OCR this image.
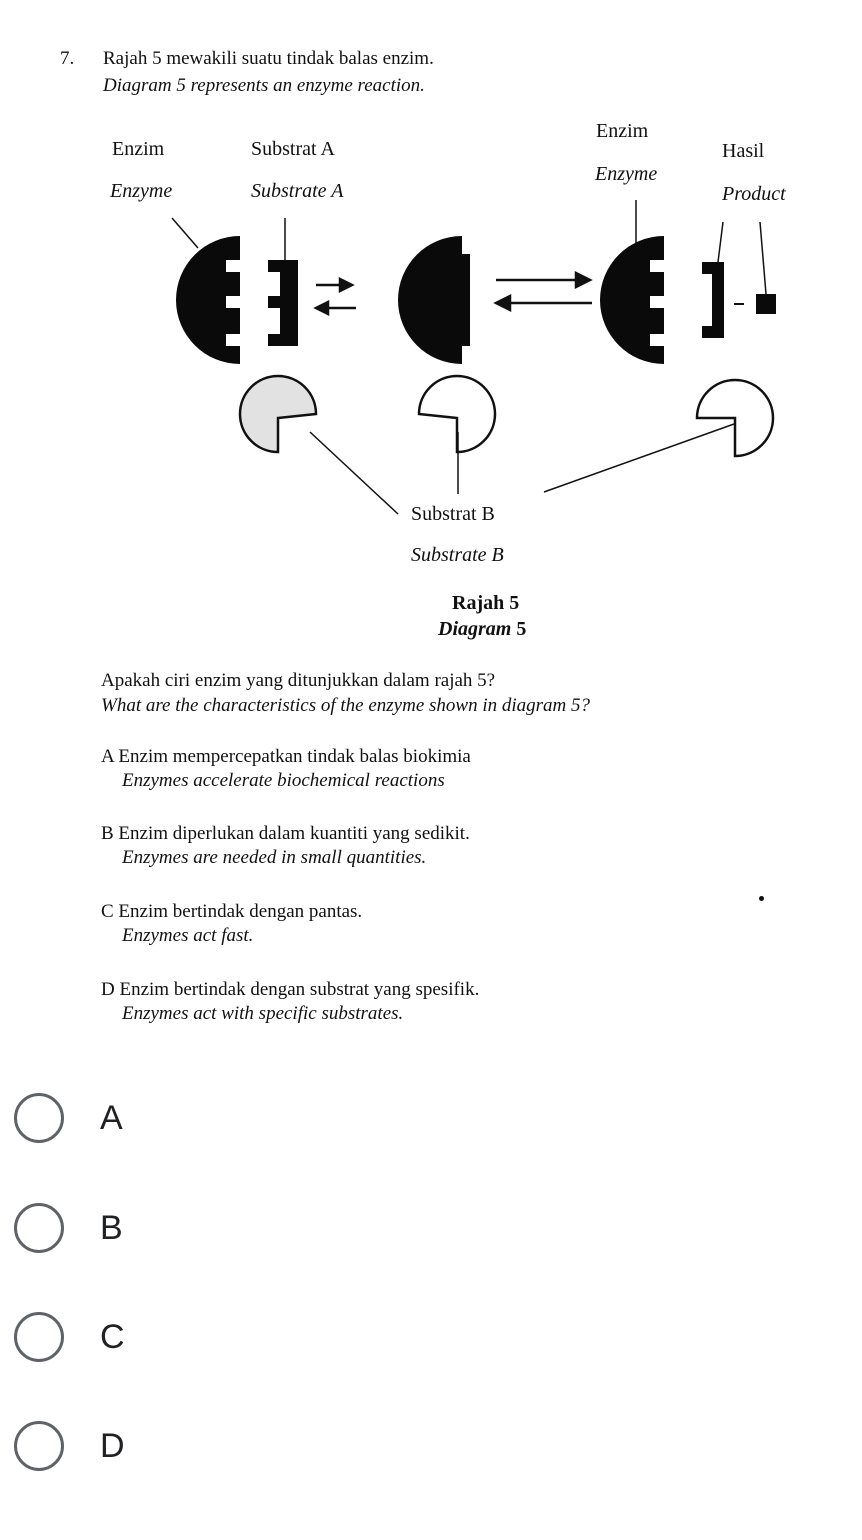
7. Rajah 5 mewakili suatu tindak balas enzim.
Diagram 5 represents an enzyme reaction.
Enzim
Enzyme
Substrat A
Substrate A
Enzim
Enzyme
Hasil
Product
Substrat B
Substrate B
Rajah 5
Diagram 5
Apakah ciri enzim yang ditunjukkan dalam rajah 5?
What are the characteristics of the enzyme shown in diagram 5?
A Enzim mempercepatkan tindak balas biokimia
Enzymes accelerate biochemical reactions
B Enzim diperlukan dalam kuantiti yang sedikit.
Enzymes are needed in small quantities.
C Enzim bertindak dengan pantas.
Enzymes act fast.
D Enzim bertindak dengan substrat yang spesifik.
Enzymes act with specific substrates.
A
B
C
D
